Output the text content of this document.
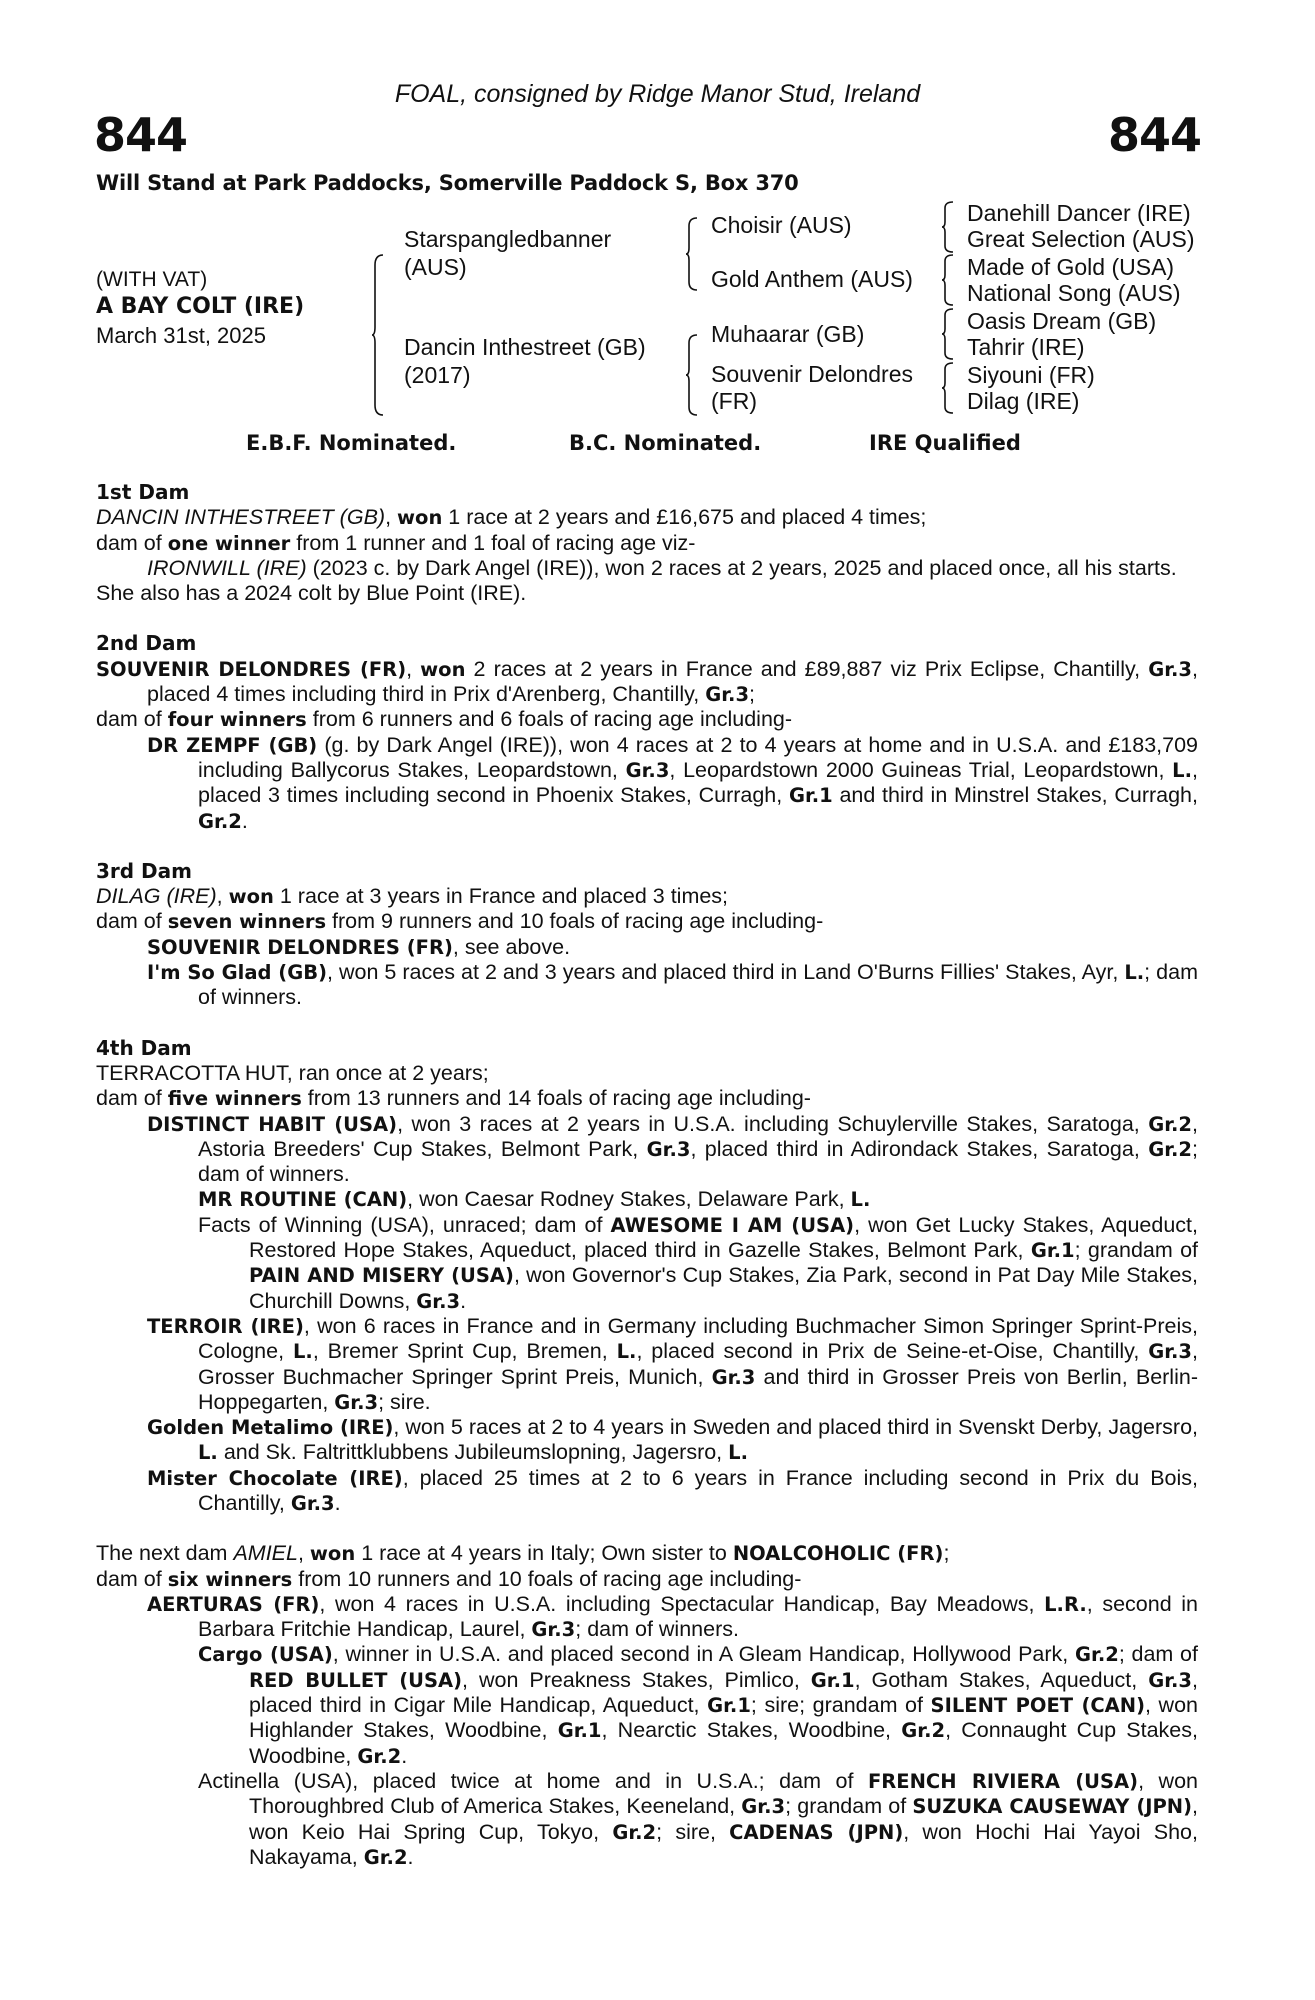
FOAL, consigned by Ridge Manor Stud, Ireland
844	844
Will Stand at Park Paddocks, Somerville Paddock S, Box 370
(WITH VAT)
A BAY COLT (IRE)
March 31st, 2025
Starspangledbanner
(AUS)
Dancin Inthestreet (GB)
(2017)
Choisir (AUS)
Gold Anthem (AUS)
Muhaarar (GB)
Souvenir Delondres
(FR)
Danehill Dancer (IRE)
Great Selection (AUS)
Made of Gold (USA)
National Song (AUS)
Oasis Dream (GB)
Tahrir (IRE)
Siyouni (FR)
Dilag (IRE)
E.B.F. Nominated.	B.C. Nominated.	IRE Qualified
1st Dam
DANCIN INTHESTREET (GB), won 1 race at 2 years and £16,675 and placed 4 times;
dam of one winner from 1 runner and 1 foal of racing age viz-
IRONWILL (IRE) (2023 c. by Dark Angel (IRE)), won 2 races at 2 years, 2025 and placed once, all his starts.
She also has a 2024 colt by Blue Point (IRE).
2nd Dam
SOUVENIR DELONDRES (FR), won 2 races at 2 years in France and £89,887 viz Prix Eclipse, Chantilly, Gr.3, placed 4 times including third in Prix d'Arenberg, Chantilly, Gr.3;
dam of four winners from 6 runners and 6 foals of racing age including-
DR ZEMPF (GB) (g. by Dark Angel (IRE)), won 4 races at 2 to 4 years at home and in U.S.A. and £183,709 including Ballycorus Stakes, Leopardstown, Gr.3, Leopardstown 2000 Guineas Trial, Leopardstown, L., placed 3 times including second in Phoenix Stakes, Curragh, Gr.1 and third in Minstrel Stakes, Curragh, Gr.2.
3rd Dam
DILAG (IRE), won 1 race at 3 years in France and placed 3 times;
dam of seven winners from 9 runners and 10 foals of racing age including-
SOUVENIR DELONDRES (FR), see above.
I'm So Glad (GB), won 5 races at 2 and 3 years and placed third in Land O'Burns Fillies' Stakes, Ayr, L.; dam of winners.
4th Dam
TERRACOTTA HUT, ran once at 2 years;
dam of five winners from 13 runners and 14 foals of racing age including-
DISTINCT HABIT (USA), won 3 races at 2 years in U.S.A. including Schuylerville Stakes, Saratoga, Gr.2, Astoria Breeders' Cup Stakes, Belmont Park, Gr.3, placed third in Adirondack Stakes, Saratoga, Gr.2; dam of winners.
MR ROUTINE (CAN), won Caesar Rodney Stakes, Delaware Park, L.
Facts of Winning (USA), unraced; dam of AWESOME I AM (USA), won Get Lucky Stakes, Aqueduct, Restored Hope Stakes, Aqueduct, placed third in Gazelle Stakes, Belmont Park, Gr.1; grandam of PAIN AND MISERY (USA), won Governor's Cup Stakes, Zia Park, second in Pat Day Mile Stakes, Churchill Downs, Gr.3.
TERROIR (IRE), won 6 races in France and in Germany including Buchmacher Simon Springer Sprint-Preis, Cologne, L., Bremer Sprint Cup, Bremen, L., placed second in Prix de Seine-et-Oise, Chantilly, Gr.3, Grosser Buchmacher Springer Sprint Preis, Munich, Gr.3 and third in Grosser Preis von Berlin, Berlin-Hoppegarten, Gr.3; sire.
Golden Metalimo (IRE), won 5 races at 2 to 4 years in Sweden and placed third in Svenskt Derby, Jagersro, L. and Sk. Faltrittklubbens Jubileumslopning, Jagersro, L.
Mister Chocolate (IRE), placed 25 times at 2 to 6 years in France including second in Prix du Bois, Chantilly, Gr.3.
The next dam AMIEL, won 1 race at 4 years in Italy; Own sister to NOALCOHOLIC (FR);
dam of six winners from 10 runners and 10 foals of racing age including-
AERTURAS (FR), won 4 races in U.S.A. including Spectacular Handicap, Bay Meadows, L.R., second in Barbara Fritchie Handicap, Laurel, Gr.3; dam of winners.
Cargo (USA), winner in U.S.A. and placed second in A Gleam Handicap, Hollywood Park, Gr.2; dam of RED BULLET (USA), won Preakness Stakes, Pimlico, Gr.1, Gotham Stakes, Aqueduct, Gr.3, placed third in Cigar Mile Handicap, Aqueduct, Gr.1; sire; grandam of SILENT POET (CAN), won Highlander Stakes, Woodbine, Gr.1, Nearctic Stakes, Woodbine, Gr.2, Connaught Cup Stakes, Woodbine, Gr.2.
Actinella (USA), placed twice at home and in U.S.A.; dam of FRENCH RIVIERA (USA), won Thoroughbred Club of America Stakes, Keeneland, Gr.3; grandam of SUZUKA CAUSEWAY (JPN), won Keio Hai Spring Cup, Tokyo, Gr.2; sire, CADENAS (JPN), won Hochi Hai Yayoi Sho, Nakayama, Gr.2.
